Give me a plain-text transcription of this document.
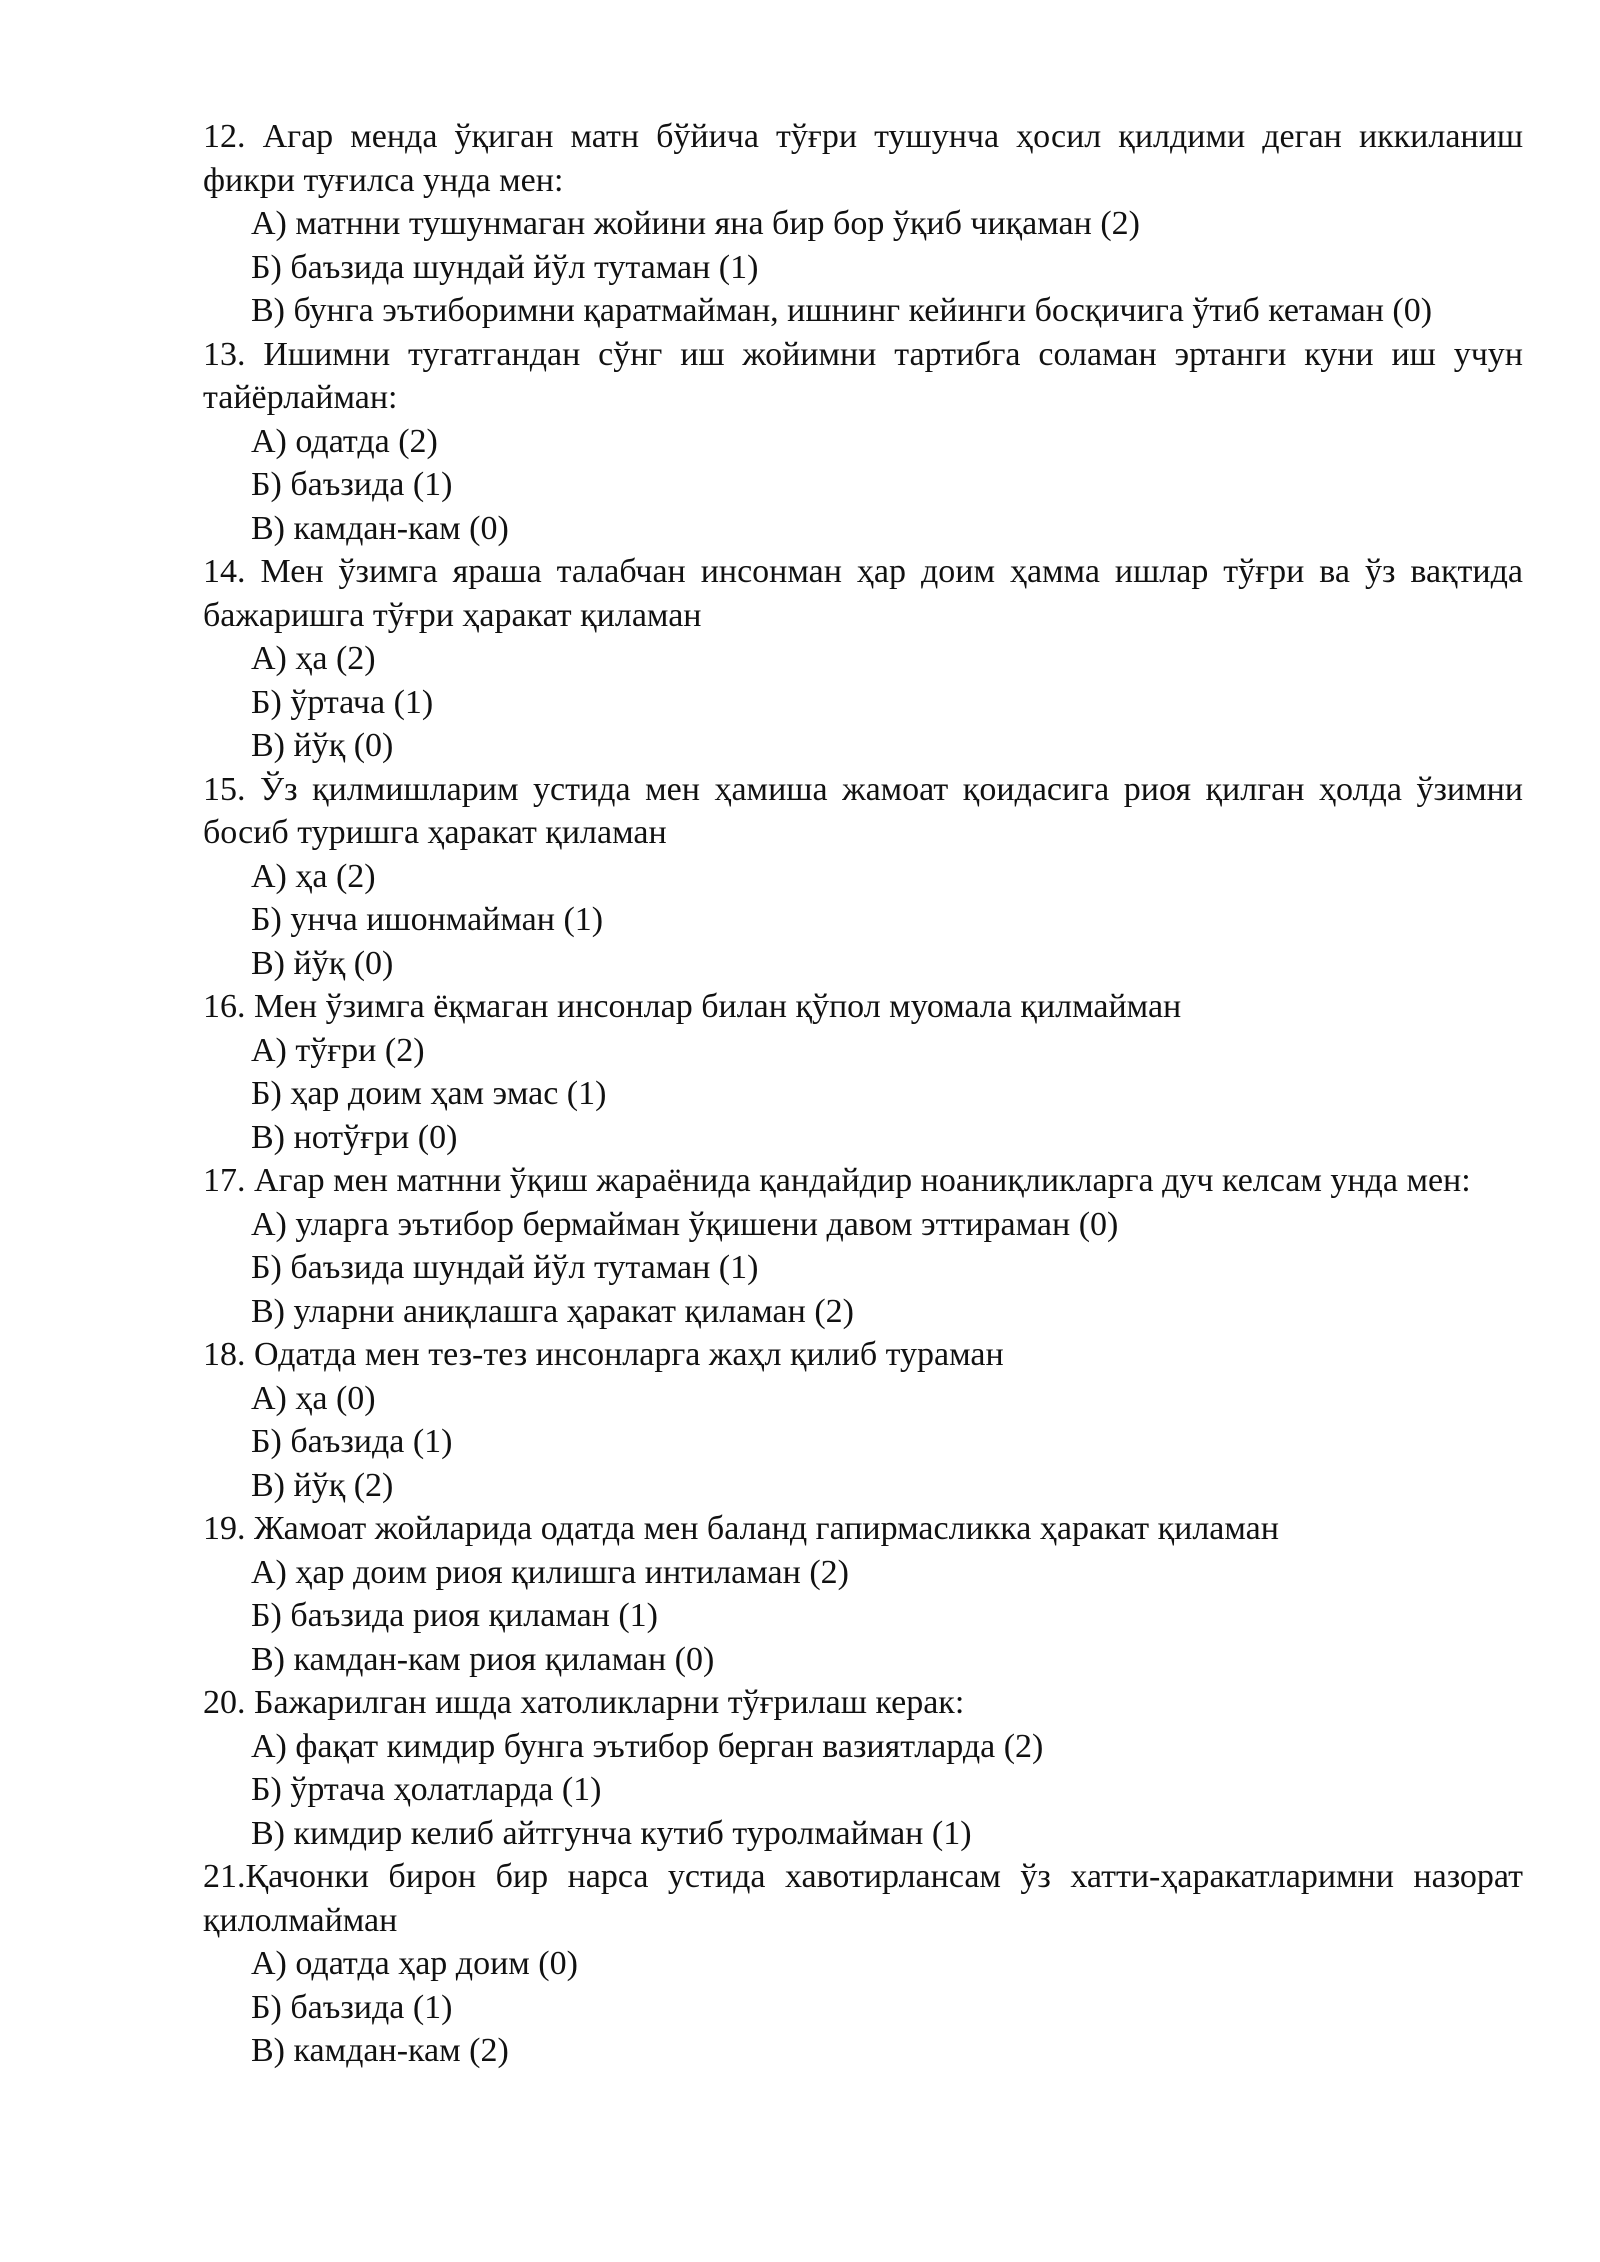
12. Агар менда ўқиган матн бўйича тўғри тушунча ҳосил қилдими деган иккиланиш фикри туғилса унда мен:

А) матнни тушунмаган жойини яна бир бор ўқиб чиқаман (2)

Б) баъзида шундай йўл тутаман (1)

В) бунга эътиборимни қаратмайман, ишнинг кейинги босқичига ўтиб кетаман (0)

13. Ишимни тугатгандан сўнг иш жойимни тартибга соламан эртанги куни иш учун тайёрлайман:

А) одатда (2)

Б) баъзида (1)

В) камдан-кам (0)

14. Мен ўзимга яраша талабчан инсонман ҳар доим ҳамма ишлар тўғри ва ўз вақтида бажаришга тўғри ҳаракат қиламан

А) ҳа (2)

Б) ўртача (1)

В) йўқ (0)

15. Ўз қилмишларим устида мен ҳамиша жамоат қоидасига риоя қилган ҳолда ўзимни босиб туришга ҳаракат қиламан

А) ҳа (2)

Б) унча ишонмайман (1)

В) йўқ (0)

16. Мен ўзимга ёқмаган инсонлар билан қўпол муомала қилмайман

А) тўғри (2)

Б) ҳар доим ҳам эмас (1)

В) нотўғри (0)

17. Агар мен матнни ўқиш жараёнида қандайдир ноаниқликларга дуч келсам унда мен:

А) уларга эътибор бермайман ўқишени давом эттираман (0)

Б) баъзида шундай йўл тутаман (1)

В) уларни аниқлашга ҳаракат қиламан (2)

18. Одатда мен тез-тез инсонларга жаҳл қилиб тураман

А) ҳа (0)

Б) баъзида (1)

В) йўқ (2)

19. Жамоат жойларида одатда мен баланд гапирмасликка ҳаракат қиламан

А) ҳар доим риоя қилишга интиламан (2)

Б) баъзида риоя қиламан (1)

В) камдан-кам риоя қиламан (0)

20. Бажарилган ишда хатоликларни тўғрилаш керак:

А) фақат кимдир бунга эътибор берган вазиятларда (2)

Б) ўртача ҳолатларда (1)

В) кимдир келиб айтгунча кутиб туролмайман (1)

21.Қачонки бирон бир нарса устида хавотирлансам ўз хатти-ҳаракатларимни назорат қилолмайман

А) одатда ҳар доим (0)

Б) баъзида (1)

В) камдан-кам (2)
